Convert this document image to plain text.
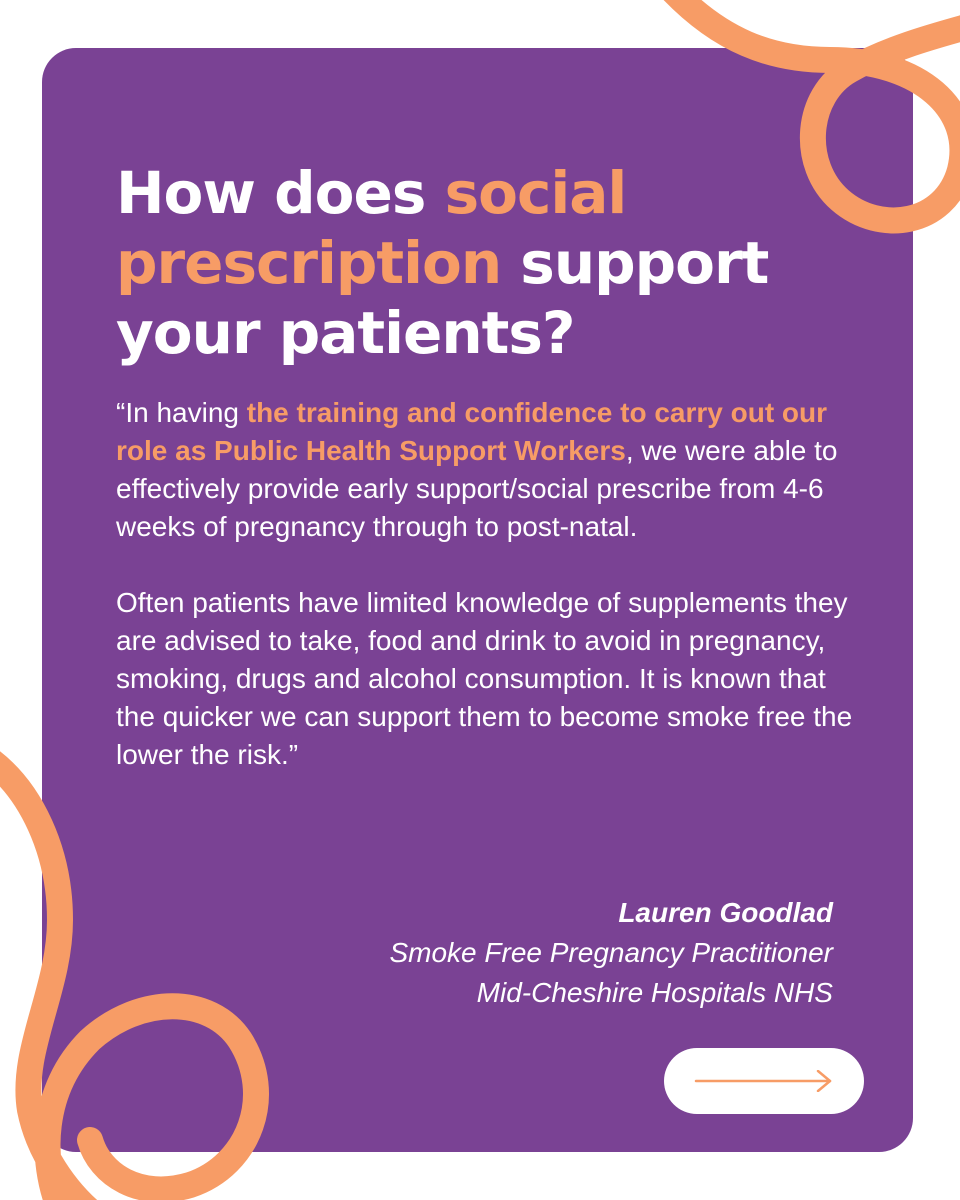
How does social prescription support your patients?

“In having the training and confidence to carry out our role as Public Health Support Workers, we were able to effectively provide early support/social prescribe from 4-6 weeks of pregnancy through to post-natal.

Often patients have limited knowledge of supplements they are advised to take, food and drink to avoid in pregnancy, smoking, drugs and alcohol consumption. It is known that the quicker we can support them to become smoke free the lower the risk.”

Lauren Goodlad
Smoke Free Pregnancy Practitioner
Mid-Cheshire Hospitals NHS
